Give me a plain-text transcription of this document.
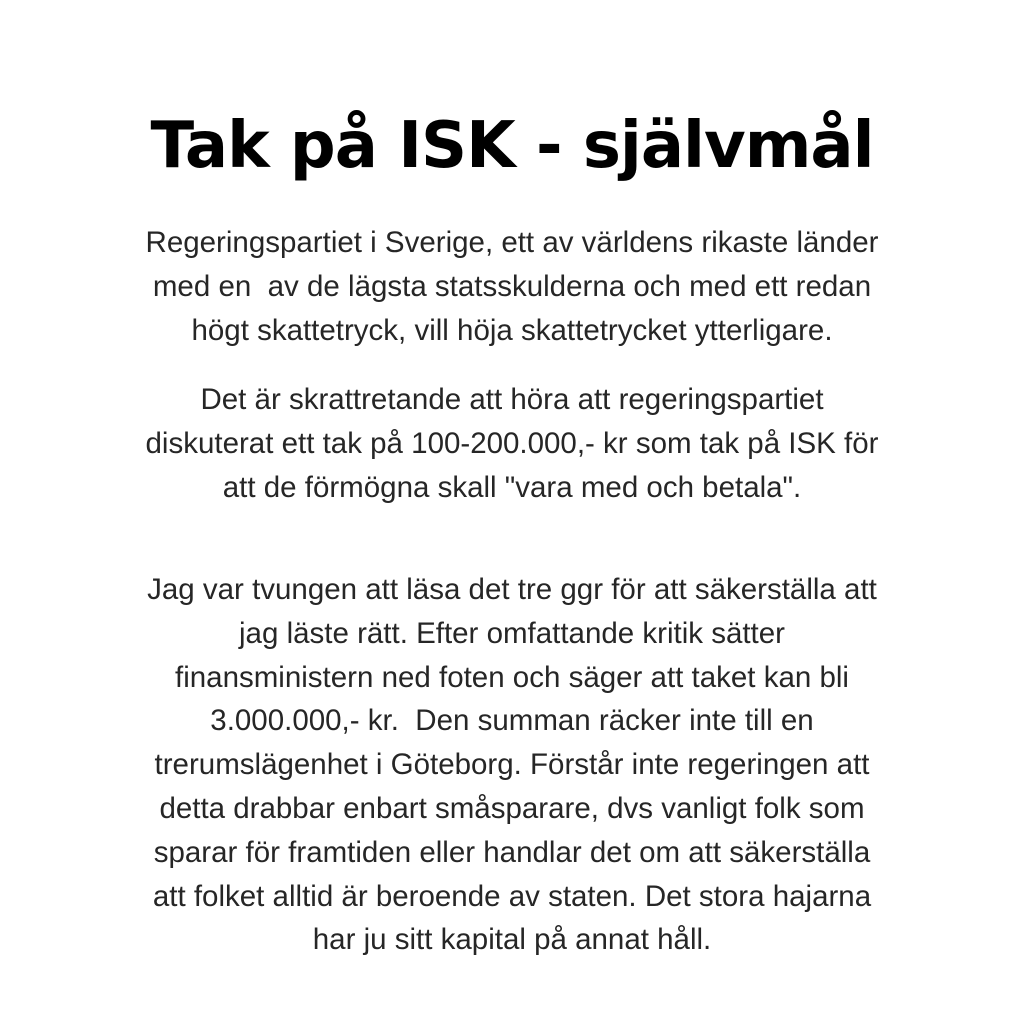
Tak på ISK - självmål

Regeringspartiet i Sverige, ett av världens rikaste länder
med en  av de lägsta statsskulderna och med ett redan
högt skattetryck, vill höja skattetrycket ytterligare.

Det är skrattretande att höra att regeringspartiet
diskuterat ett tak på 100-200.000,- kr som tak på ISK för
att de förmögna skall "vara med och betala".

Jag var tvungen att läsa det tre ggr för att säkerställa att
jag läste rätt. Efter omfattande kritik sätter
finansministern ned foten och säger att taket kan bli
3.000.000,- kr.  Den summan räcker inte till en
trerumslägenhet i Göteborg. Förstår inte regeringen att
detta drabbar enbart småsparare, dvs vanligt folk som
sparar för framtiden eller handlar det om att säkerställa
att folket alltid är beroende av staten. Det stora hajarna
har ju sitt kapital på annat håll.
